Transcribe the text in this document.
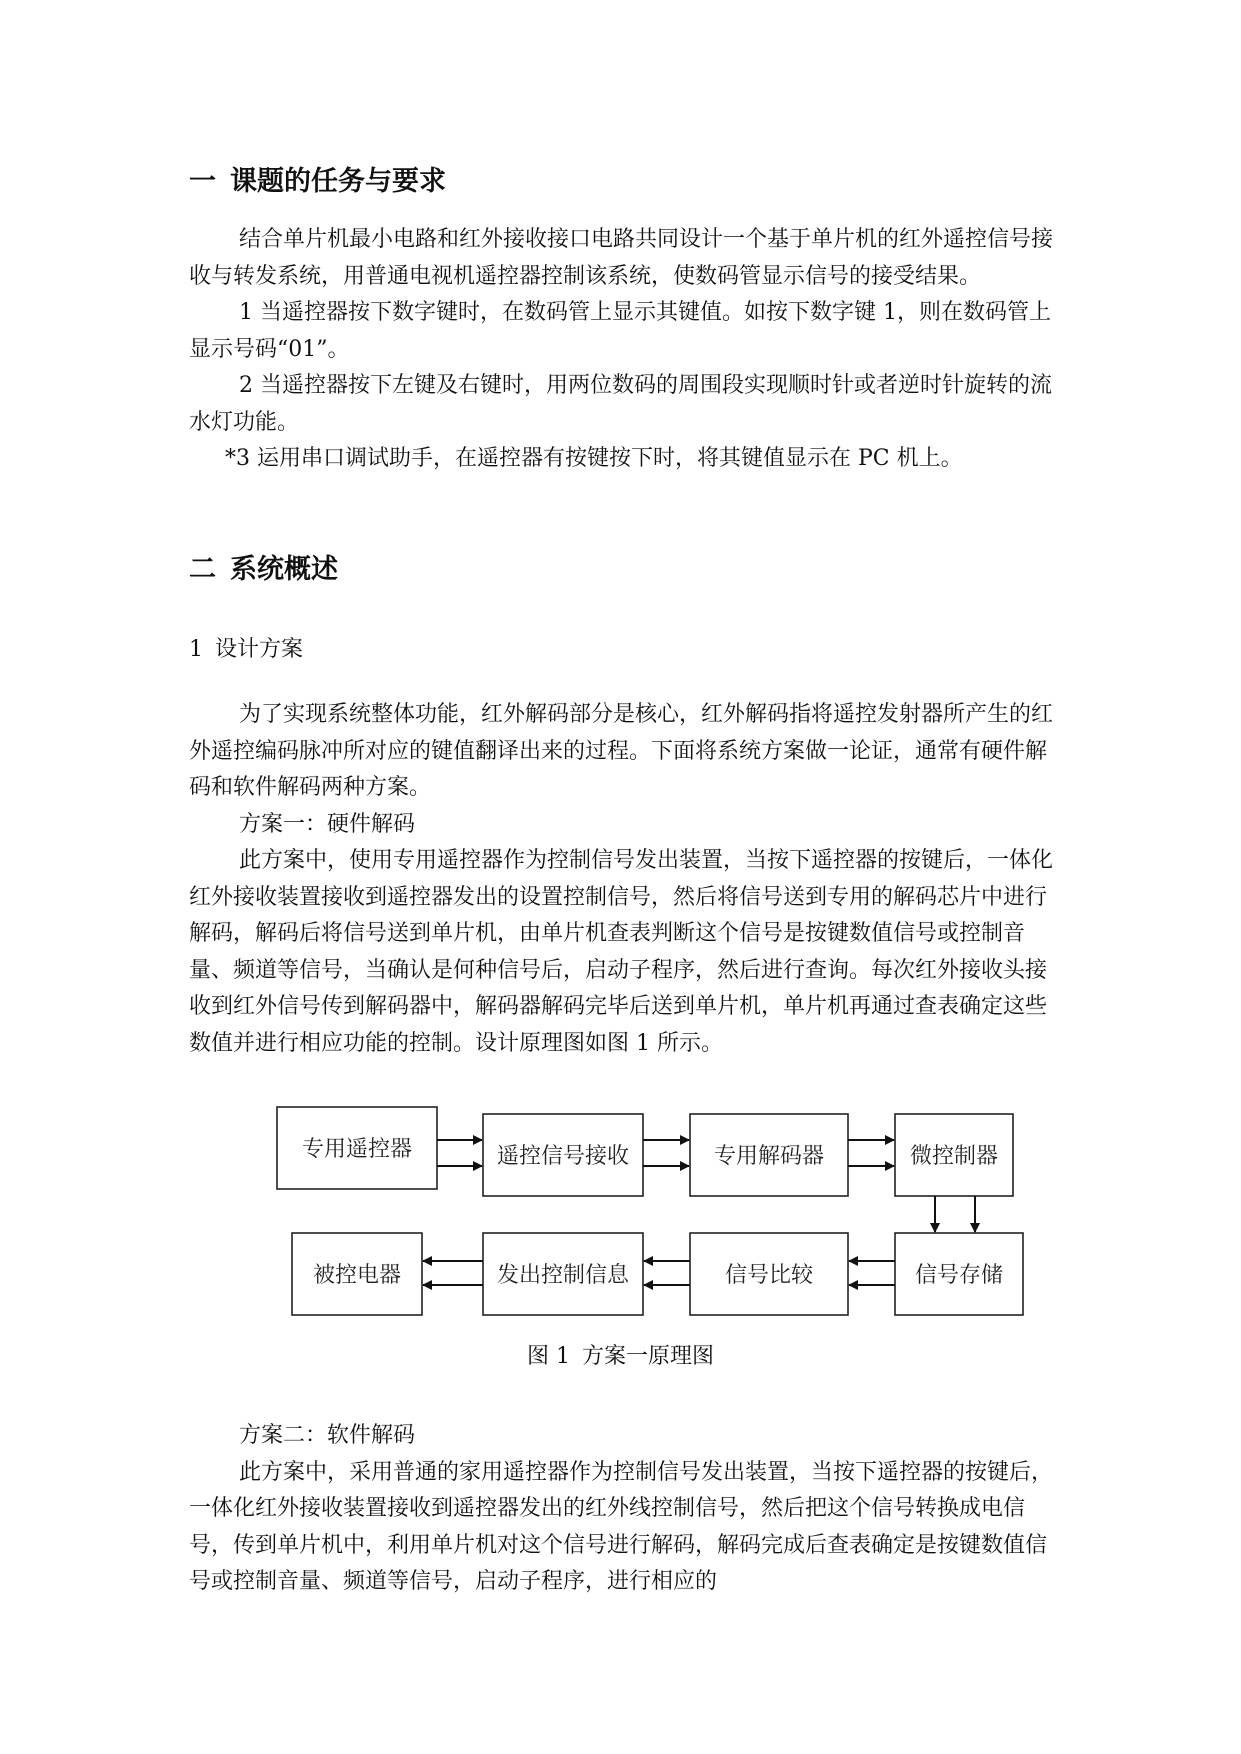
一 课题的任务与要求

结合单片机最小电路和红外接收接口电路共同设计一个基于单片机的红外遥控信号接收与转发系统，用普通电视机遥控器控制该系统，使数码管显示信号的接受结果。

1 当遥控器按下数字键时，在数码管上显示其键值。如按下数字键 1，则在数码管上显示号码“01”。

2 当遥控器按下左键及右键时，用两位数码的周围段实现顺时针或者逆时针旋转的流水灯功能。

*3 运用串口调试助手，在遥控器有按键按下时，将其键值显示在 PC 机上。

二 系统概述

1 设计方案

为了实现系统整体功能，红外解码部分是核心，红外解码指将遥控发射器所产生的红外遥控编码脉冲所对应的键值翻译出来的过程。下面将系统方案做一论证，通常有硬件解码和软件解码两种方案。

方案一：硬件解码

此方案中，使用专用遥控器作为控制信号发出装置，当按下遥控器的按键后，一体化红外接收装置接收到遥控器发出的设置控制信号，然后将信号送到专用的解码芯片中进行解码，解码后将信号送到单片机，由单片机查表判断这个信号是按键数值信号或控制音量、频道等信号，当确认是何种信号后，启动子程序，然后进行查询。每次红外接收头接收到红外信号传到解码器中，解码器解码完毕后送到单片机，单片机再通过查表确定这些数值并进行相应功能的控制。设计原理图如图 1 所示。

专用遥控器	遥控信号接收	专用解码器	微控制器
被控电器	发出控制信息	信号比较	信号存储

图 1 方案一原理图

方案二：软件解码

此方案中，采用普通的家用遥控器作为控制信号发出装置，当按下遥控器的按键后，一体化红外接收装置接收到遥控器发出的红外线控制信号，然后把这个信号转换成电信号，传到单片机中，利用单片机对这个信号进行解码，解码完成后查表确定是按键数值信号或控制音量、频道等信号，启动子程序，进行相应的
